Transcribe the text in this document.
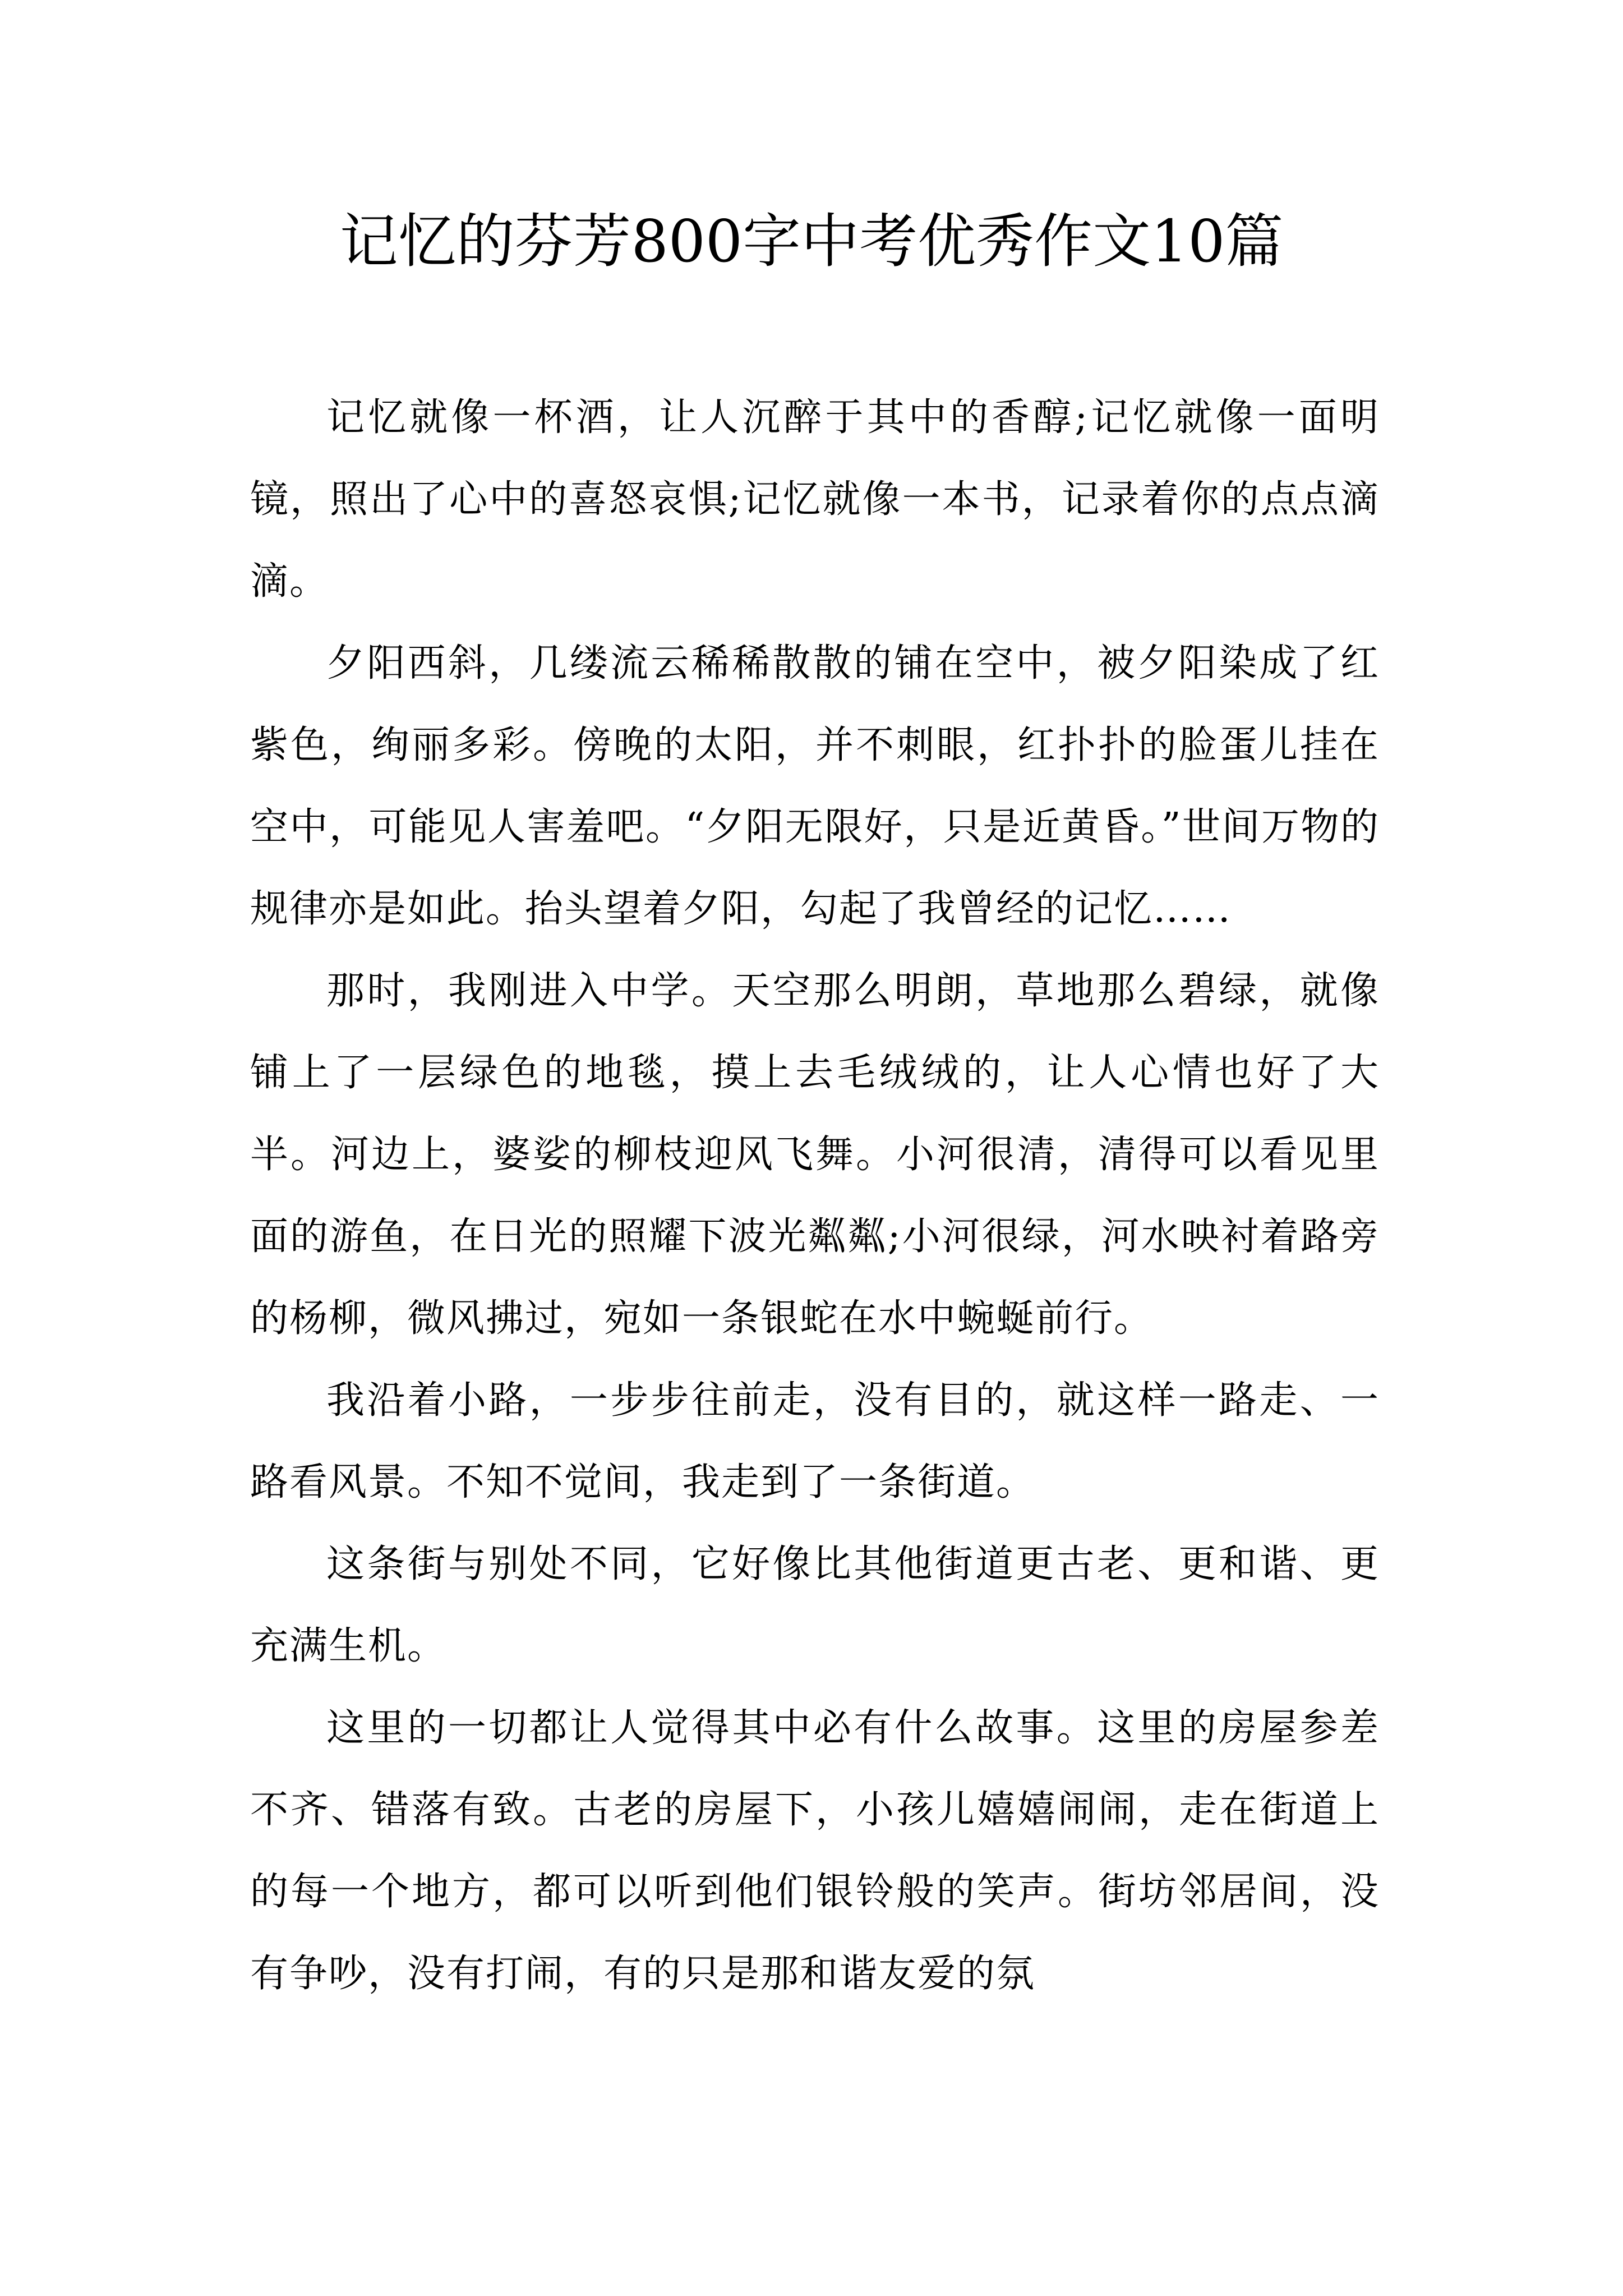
记忆的芬芳800字中考优秀作文10篇

记忆就像一杯酒，让人沉醉于其中的香醇;记忆就像一面明镜，照出了心中的喜怒哀惧;记忆就像一本书，记录着你的点点滴滴。

夕阳西斜，几缕流云稀稀散散的铺在空中，被夕阳染成了红紫色，绚丽多彩。傍晚的太阳，并不刺眼，红扑扑的脸蛋儿挂在空中，可能见人害羞吧。“夕阳无限好，只是近黄昏。”世间万物的规律亦是如此。抬头望着夕阳，勾起了我曾经的记忆……

那时，我刚进入中学。天空那么明朗，草地那么碧绿，就像铺上了一层绿色的地毯，摸上去毛绒绒的，让人心情也好了大半。河边上，婆娑的柳枝迎风飞舞。小河很清，清得可以看见里面的游鱼，在日光的照耀下波光粼粼;小河很绿，河水映衬着路旁的杨柳，微风拂过，宛如一条银蛇在水中蜿蜒前行。

我沿着小路，一步步往前走，没有目的，就这样一路走、一路看风景。不知不觉间，我走到了一条街道。

这条街与别处不同，它好像比其他街道更古老、更和谐、更充满生机。

这里的一切都让人觉得其中必有什么故事。这里的房屋参差不齐、错落有致。古老的房屋下，小孩儿嬉嬉闹闹，走在街道上的每一个地方，都可以听到他们银铃般的笑声。街坊邻居间，没有争吵，没有打闹，有的只是那和谐友爱的氛
